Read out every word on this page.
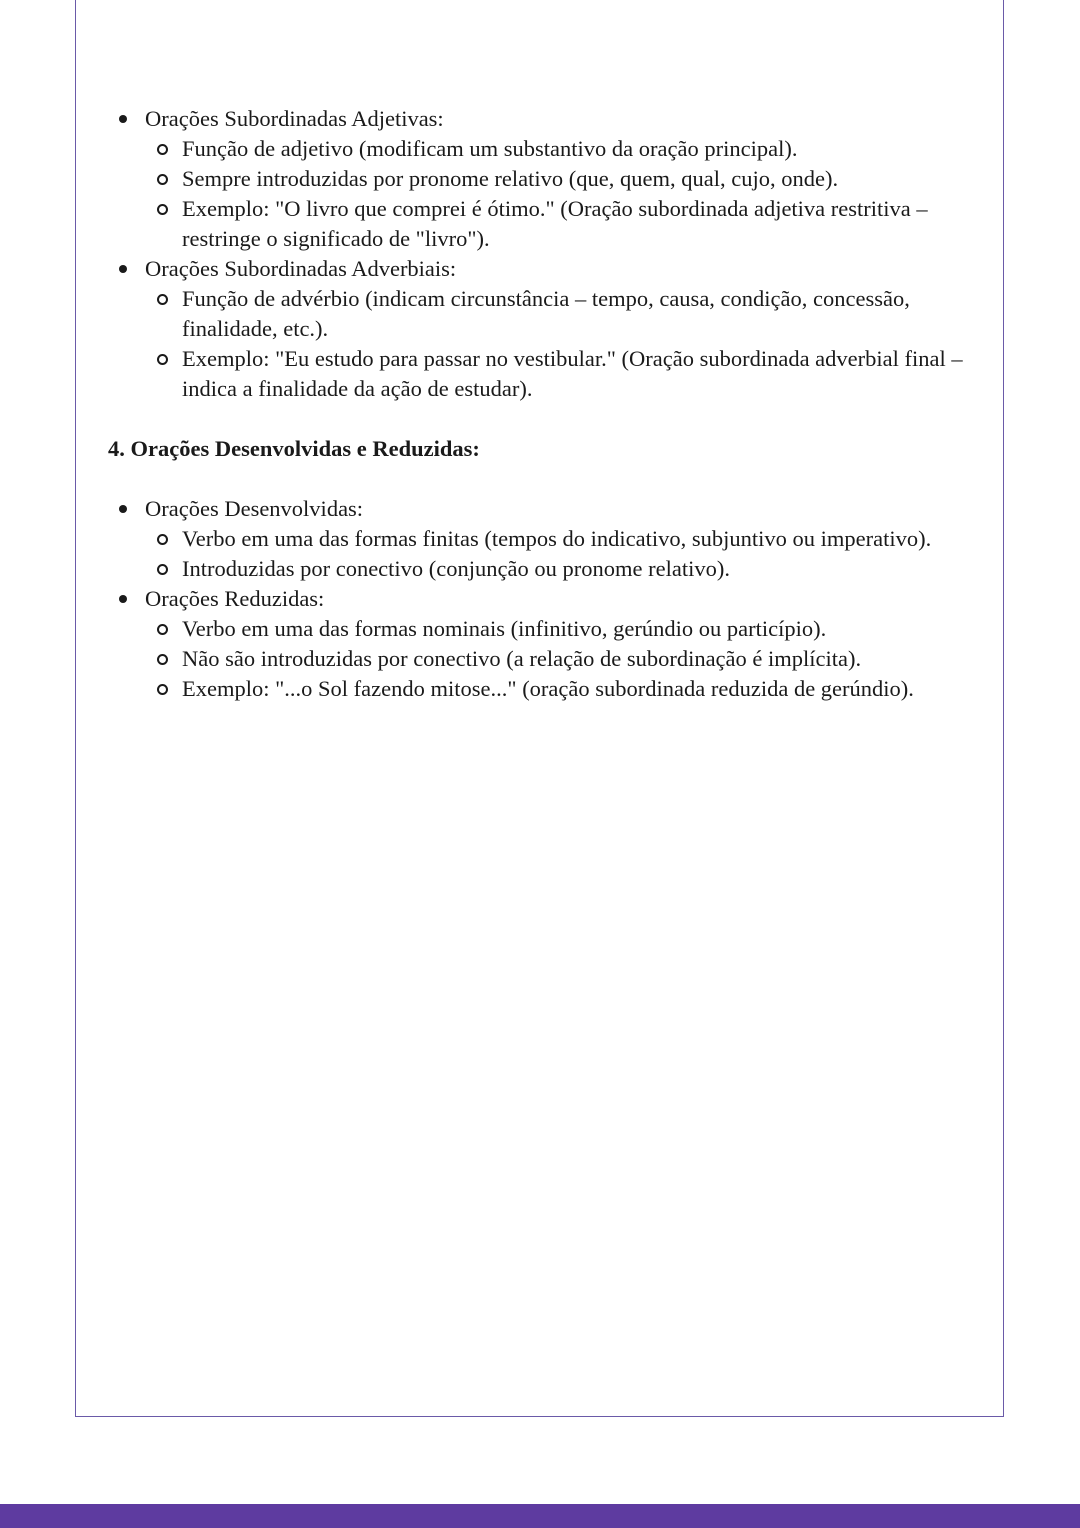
Orações Subordinadas Adjetivas:
Função de adjetivo (modificam um substantivo da oração principal).
Sempre introduzidas por pronome relativo (que, quem, qual, cujo, onde).
Exemplo: "O livro que comprei é ótimo." (Oração subordinada adjetiva restritiva – restringe o significado de "livro").
Orações Subordinadas Adverbiais:
Função de advérbio (indicam circunstância – tempo, causa, condição, concessão, finalidade, etc.).
Exemplo: "Eu estudo para passar no vestibular." (Oração subordinada adverbial final – indica a finalidade da ação de estudar).
4. Orações Desenvolvidas e Reduzidas:
Orações Desenvolvidas:
Verbo em uma das formas finitas (tempos do indicativo, subjuntivo ou imperativo).
Introduzidas por conectivo (conjunção ou pronome relativo).
Orações Reduzidas:
Verbo em uma das formas nominais (infinitivo, gerúndio ou particípio).
Não são introduzidas por conectivo (a relação de subordinação é implícita).
Exemplo: "...o Sol fazendo mitose..." (oração subordinada reduzida de gerúndio).
